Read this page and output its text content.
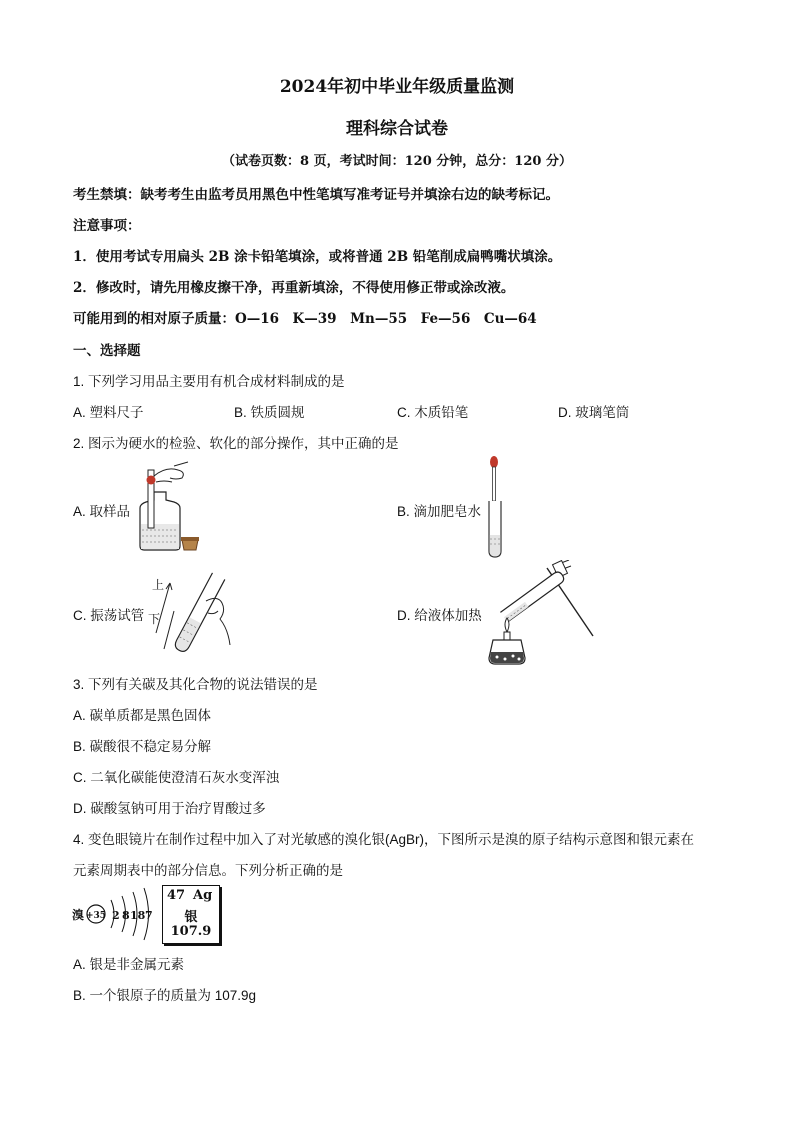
2024年初中毕业年级质量监测
理科综合试卷
（试卷页数：8 页，考试时间：120 分钟，总分：120 分）
考生禁填：缺考考生由监考员用黑色中性笔填写准考证号并填涂右边的缺考标记。
注意事项：
1．使用考试专用扁头 2B 涂卡铅笔填涂，或将普通 2B 铅笔削成扁鸭嘴状填涂。
2．修改时，请先用橡皮擦干净，再重新填涂，不得使用修正带或涂改液。
可能用到的相对原子质量：O—16　K—39　Mn—55　Fe—56　Cu—64
一、选择题
1. 下列学习用品主要用有机合成材料制成的是
A. 塑料尺子	B. 铁质圆规	C. 木质铅笔	D. 玻璃笔筒
2. 图示为硬水的检验、软化的部分操作，其中正确的是
A. 取样品	B. 滴加肥皂水
C. 振荡试管	D. 给液体加热
上
下
3. 下列有关碳及其化合物的说法错误的是
A. 碳单质都是黑色固体
B. 碳酸很不稳定易分解
C. 二氧化碳能使澄清石灰水变浑浊
D. 碳酸氢钠可用于治疗胃酸过多
4. 变色眼镜片在制作过程中加入了对光敏感的溴化银(AgBr)，下图所示是溴的原子结构示意图和银元素在
元素周期表中的部分信息。下列分析正确的是
溴 +35 2 8 18 7
47 Ag
银
107.9
A. 银是非金属元素
B. 一个银原子的质量为 107.9g
